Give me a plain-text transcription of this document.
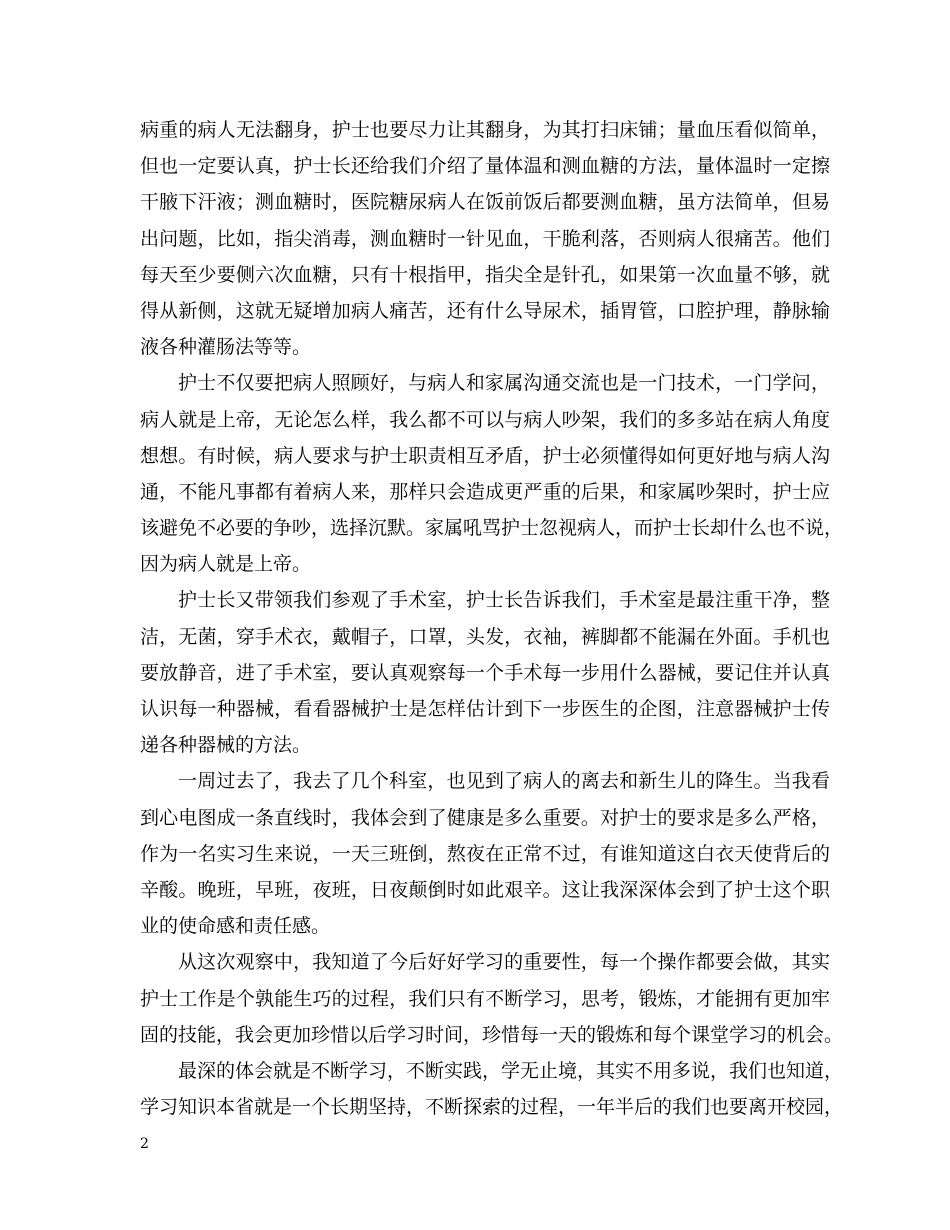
病重的病人无法翻身，护士也要尽力让其翻身，为其打扫床铺；量血压看似简单，
但也一定要认真，护士长还给我们介绍了量体温和测血糖的方法，量体温时一定擦
干腋下汗液；测血糖时，医院糖尿病人在饭前饭后都要测血糖，虽方法简单，但易
出问题，比如，指尖消毒，测血糖时一针见血，干脆利落，否则病人很痛苦。他们
每天至少要侧六次血糖，只有十根指甲，指尖全是针孔，如果第一次血量不够，就
得从新侧，这就无疑增加病人痛苦，还有什么导尿术，插胃管，口腔护理，静脉输
液各种灌肠法等等。
护士不仅要把病人照顾好，与病人和家属沟通交流也是一门技术，一门学问，
病人就是上帝，无论怎么样，我么都不可以与病人吵架，我们的多多站在病人角度
想想。有时候，病人要求与护士职责相互矛盾，护士必须懂得如何更好地与病人沟
通，不能凡事都有着病人来，那样只会造成更严重的后果，和家属吵架时，护士应
该避免不必要的争吵，选择沉默。家属吼骂护士忽视病人，而护士长却什么也不说，
因为病人就是上帝。
护士长又带领我们参观了手术室，护士长告诉我们，手术室是最注重干净，整
洁，无菌，穿手术衣，戴帽子，口罩，头发，衣袖，裤脚都不能漏在外面。手机也
要放静音，进了手术室，要认真观察每一个手术每一步用什么器械，要记住并认真
认识每一种器械，看看器械护士是怎样估计到下一步医生的企图，注意器械护士传
递各种器械的方法。
一周过去了，我去了几个科室，也见到了病人的离去和新生儿的降生。当我看
到心电图成一条直线时，我体会到了健康是多么重要。对护士的要求是多么严格，
作为一名实习生来说，一天三班倒，熬夜在正常不过，有谁知道这白衣天使背后的
辛酸。晚班，早班，夜班，日夜颠倒时如此艰辛。这让我深深体会到了护士这个职
业的使命感和责任感。
从这次观察中，我知道了今后好好学习的重要性，每一个操作都要会做，其实
护士工作是个孰能生巧的过程，我们只有不断学习，思考，锻炼，才能拥有更加牢
固的技能，我会更加珍惜以后学习时间，珍惜每一天的锻炼和每个课堂学习的机会。
最深的体会就是不断学习，不断实践，学无止境，其实不用多说，我们也知道，
学习知识本省就是一个长期坚持，不断探索的过程，一年半后的我们也要离开校园，
2
